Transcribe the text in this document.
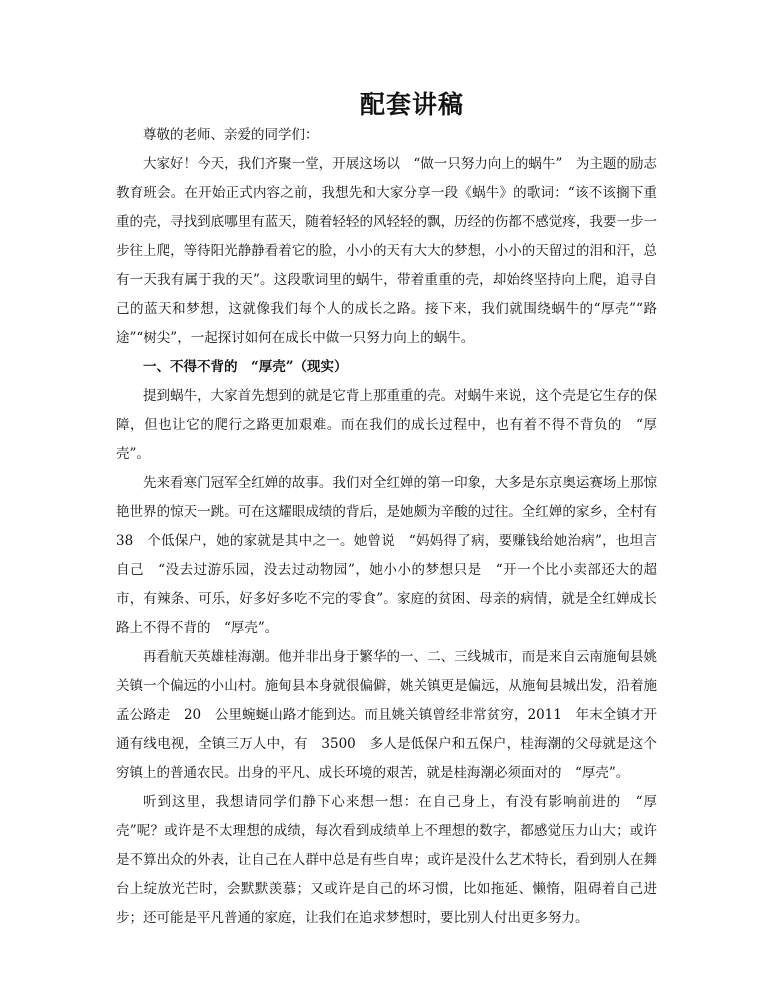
配套讲稿

尊敬的老师、亲爱的同学们：

大家好！今天，我们齐聚一堂，开展这场以　“做一只努力向上的蜗牛”　为主题的励志教育班会。在开始正式内容之前，我想先和大家分享一段《蜗牛》的歌词：“该不该搁下重重的壳，寻找到底哪里有蓝天，随着轻轻的风轻轻的飘，历经的伤都不感觉疼，我要一步一步往上爬，等待阳光静静看着它的脸，小小的天有大大的梦想，小小的天留过的泪和汗，总有一天我有属于我的天”。这段歌词里的蜗牛，带着重重的壳，却始终坚持向上爬，追寻自己的蓝天和梦想，这就像我们每个人的成长之路。接下来，我们就围绕蜗牛的“厚壳”“路途”“树尖”，一起探讨如何在成长中做一只努力向上的蜗牛。

一、不得不背的　“厚壳”（现实）

提到蜗牛，大家首先想到的就是它背上那重重的壳。对蜗牛来说，这个壳是它生存的保障，但也让它的爬行之路更加艰难。而在我们的成长过程中，也有着不得不背负的　“厚壳”。

先来看寒门冠军全红婵的故事。我们对全红婵的第一印象，大多是东京奥运赛场上那惊艳世界的惊天一跳。可在这耀眼成绩的背后，是她颇为辛酸的过往。全红婵的家乡，全村有　38　个低保户，她的家就是其中之一。她曾说　“妈妈得了病，要赚钱给她治病”，也坦言自己　“没去过游乐园，没去过动物园”，她小小的梦想只是　“开一个比小卖部还大的超市，有辣条、可乐，好多好多吃不完的零食”。家庭的贫困、母亲的病情，就是全红婵成长路上不得不背的　“厚壳”。

再看航天英雄桂海潮。他并非出身于繁华的一、二、三线城市，而是来自云南施甸县姚关镇一个偏远的小山村。施甸县本身就很偏僻，姚关镇更是偏远，从施甸县城出发，沿着施孟公路走　20　公里蜿蜒山路才能到达。而且姚关镇曾经非常贫穷，2011　年末全镇才开通有线电视，全镇三万人中，有　3500　多人是低保户和五保户，桂海潮的父母就是这个穷镇上的普通农民。出身的平凡、成长环境的艰苦，就是桂海潮必须面对的　“厚壳”。

听到这里，我想请同学们静下心来想一想：在自己身上，有没有影响前进的　“厚壳”呢？或许是不太理想的成绩，每次看到成绩单上不理想的数字，都感觉压力山大；或许是不算出众的外表，让自己在人群中总是有些自卑；或许是没什么艺术特长，看到别人在舞台上绽放光芒时，会默默羡慕；又或许是自己的坏习惯，比如拖延、懒惰，阻碍着自己进步；还可能是平凡普通的家庭，让我们在追求梦想时，要比别人付出更多努力。
